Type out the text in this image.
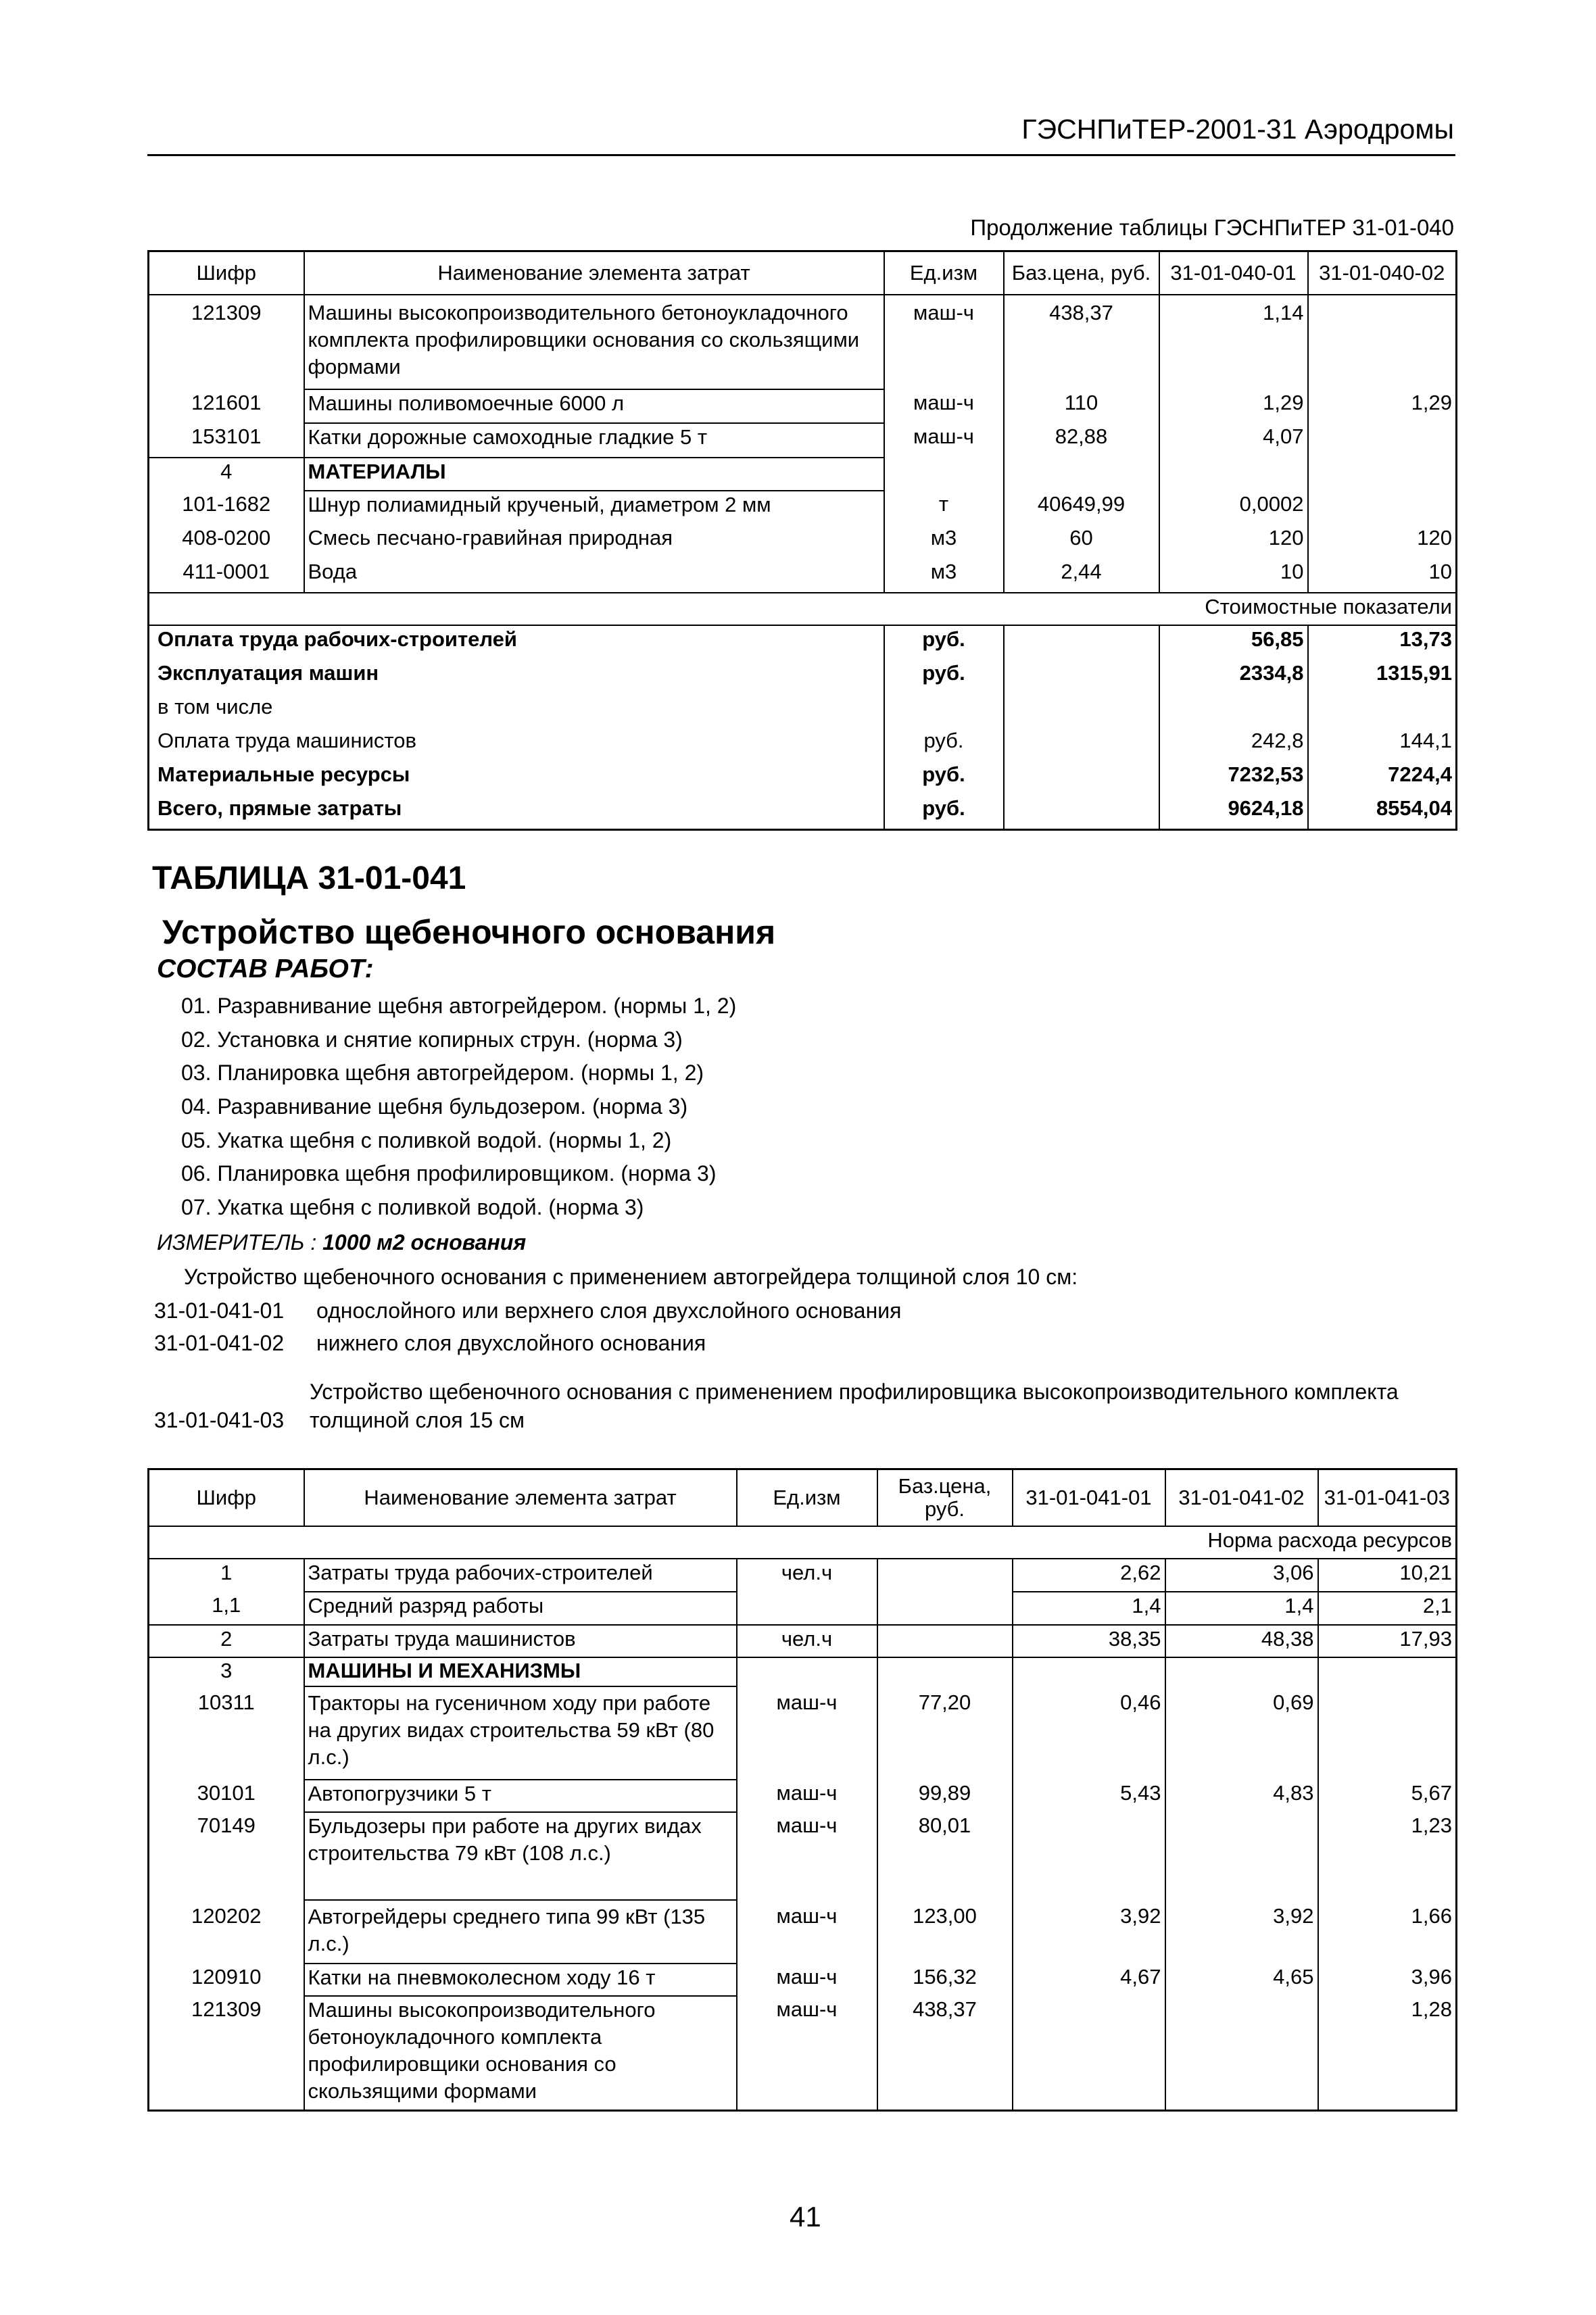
ГЭСНПиТЕР-2001-31 Аэродромы
Продолжение таблицы ГЭСНПиТЕР 31-01-040
Шифр	Наименование элемента затрат	Ед.изм	Баз.цена, руб.	31-01-040-01	31-01-040-02
121309	Машины высокопроизводительного бетоноукладочного комплекта профилировщики основания со скользящими формами	маш-ч	438,37	1,14	
121601	Машины поливомоечные 6000 л	маш-ч	110	1,29	1,29
153101	Катки дорожные самоходные гладкие 5 т	маш-ч	82,88	4,07	
4	МАТЕРИАЛЫ				
101-1682	Шнур полиамидный крученый, диаметром 2 мм	т	40649,99	0,0002	
408-0200	Смесь песчано-гравийная природная	м3	60	120	120
411-0001	Вода	м3	2,44	10	10
Стоимостные показатели					
Оплата труда рабочих-строителей		руб.		56,85	13,73
Эксплуатация машин		руб.		2334,8	1315,91
в том числе					
Оплата труда машинистов		руб.		242,8	144,1
Материальные ресурсы		руб.		7232,53	7224,4
Всего, прямые затраты		руб.		9624,18	8554,04
ТАБЛИЦА 31-01-041
Устройство щебеночного основания
СОСТАВ РАБОТ:
01. Разравнивание щебня автогрейдером. (нормы 1, 2)
02. Установка и снятие копирных струн. (норма 3)
03. Планировка щебня автогрейдером. (нормы 1, 2)
04. Разравнивание щебня бульдозером. (норма 3)
05. Укатка щебня с поливкой водой. (нормы 1, 2)
06. Планировка щебня профилировщиком. (норма 3)
07. Укатка щебня с поливкой водой. (норма 3)
ИЗМЕРИТЕЛЬ : 1000 м2 основания
Устройство щебеночного основания с применением автогрейдера толщиной слоя 10 см:
31-01-041-01 однослойного или верхнего слоя двухслойного основания
31-01-041-02 нижнего слоя двухслойного основания
Устройство щебеночного основания с применением профилировщика высокопроизводительного комплекта
31-01-041-03 толщиной слоя 15 см
Шифр	Наименование элемента затрат	Ед.изм	Баз.цена, руб.	31-01-041-01	31-01-041-02	31-01-041-03
Норма расхода ресурсов						
1	Затраты труда рабочих-строителей	чел.ч		2,62	3,06	10,21
1,1	Средний разряд работы			1,4	1,4	2,1
2	Затраты труда машинистов	чел.ч		38,35	48,38	17,93
3	МАШИНЫ И МЕХАНИЗМЫ					
10311	Тракторы на гусеничном ходу при работе на других видах строительства 59 кВт (80 л.с.)	маш-ч	77,20	0,46	0,69	
30101	Автопогрузчики 5 т	маш-ч	99,89	5,43	4,83	5,67
70149	Бульдозеры при работе на других видах строительства 79 кВт (108 л.с.)	маш-ч	80,01			1,23
120202	Автогрейдеры среднего типа 99 кВт (135 л.с.)	маш-ч	123,00	3,92	3,92	1,66
120910	Катки на пневмоколесном ходу 16 т	маш-ч	156,32	4,67	4,65	3,96
121309	Машины высокопроизводительного бетоноукладочного комплекта профилировщики основания со скользящими формами	маш-ч	438,37			1,28
41
